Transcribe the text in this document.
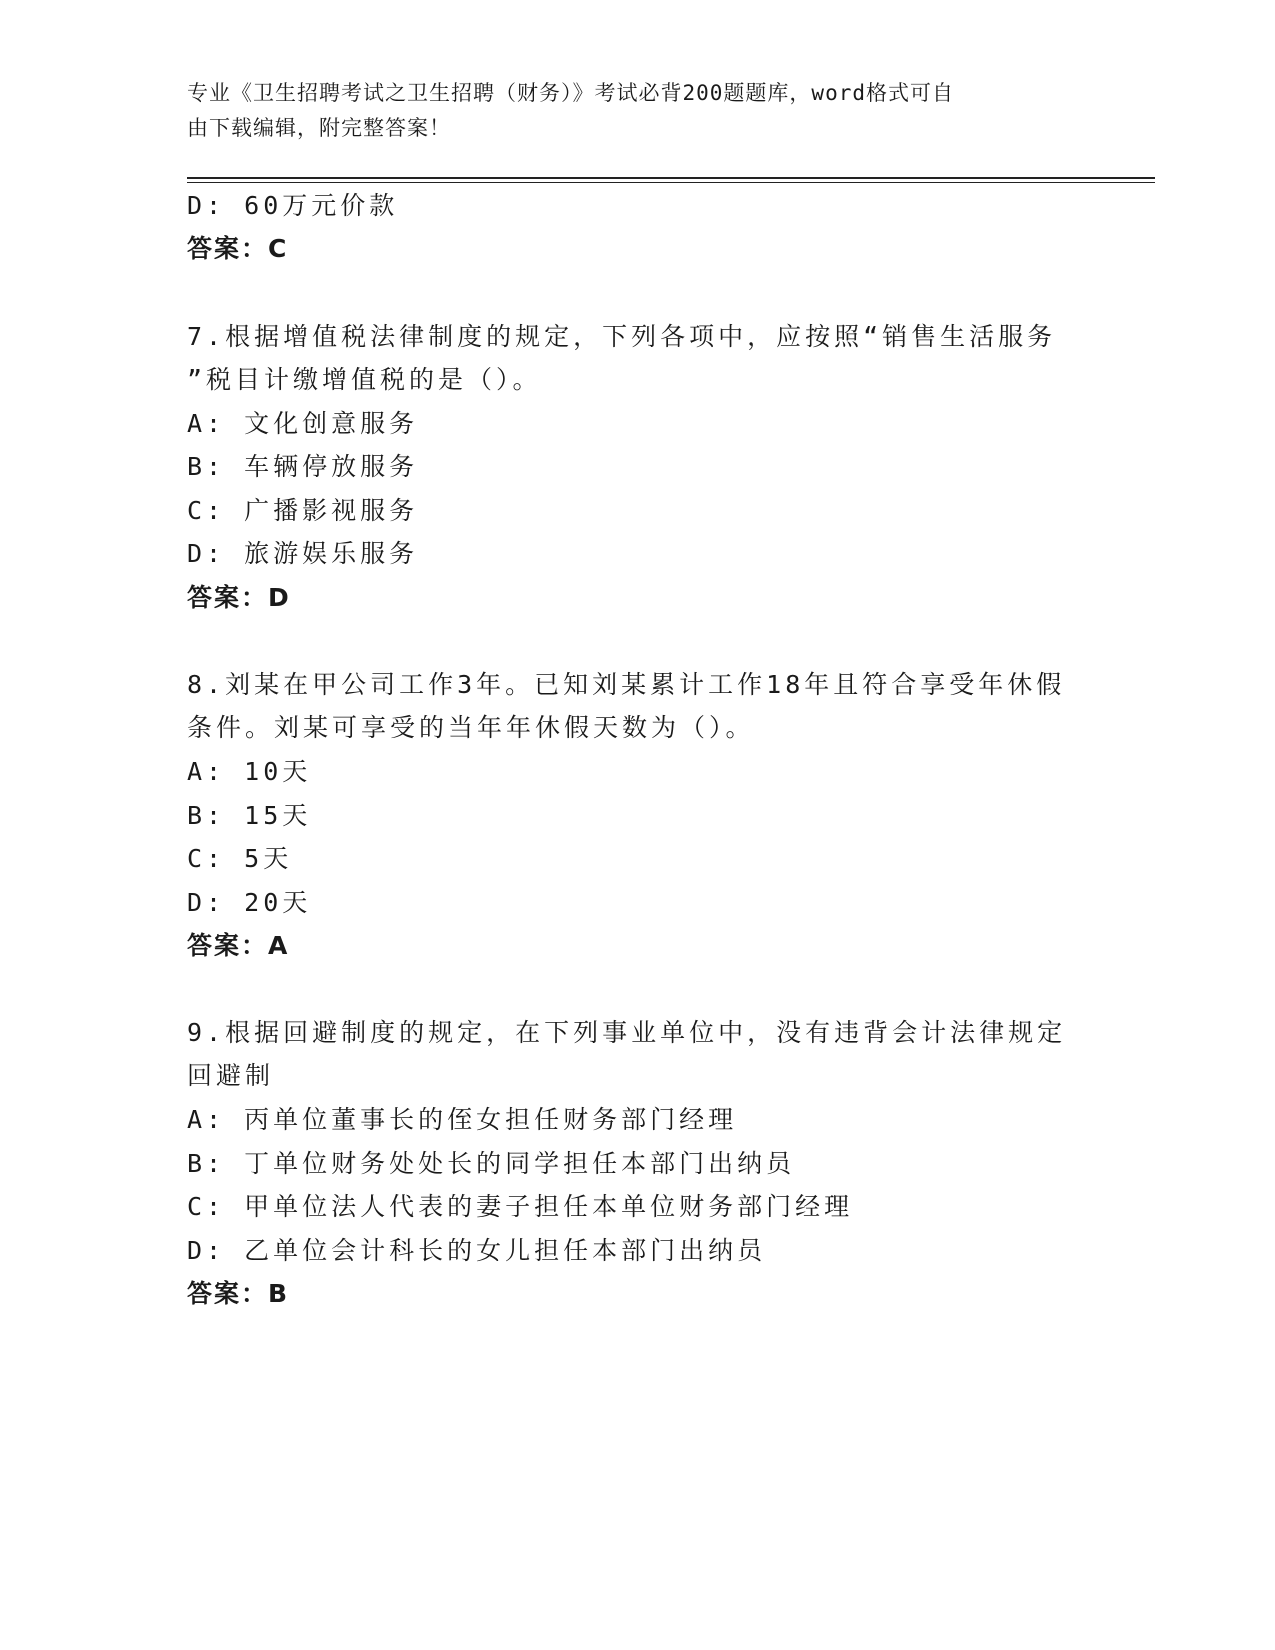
专业《卫生招聘考试之卫生招聘（财务）》考试必背200题题库，word格式可自
由下载编辑，附完整答案！
D: 60万元价款
答案：C
7.根据增值税法律制度的规定，下列各项中，应按照“销售生活服务
”税目计缴增值税的是（）。
A: 文化创意服务
B: 车辆停放服务
C: 广播影视服务
D: 旅游娱乐服务
答案：D
8.刘某在甲公司工作3年。已知刘某累计工作18年且符合享受年休假
条件。刘某可享受的当年年休假天数为（）。
A: 10天
B: 15天
C: 5天
D: 20天
答案：A
9.根据回避制度的规定，在下列事业单位中，没有违背会计法律规定
回避制
A: 丙单位董事长的侄女担任财务部门经理
B: 丁单位财务处处长的同学担任本部门出纳员
C: 甲单位法人代表的妻子担任本单位财务部门经理
D: 乙单位会计科长的女儿担任本部门出纳员
答案：B
